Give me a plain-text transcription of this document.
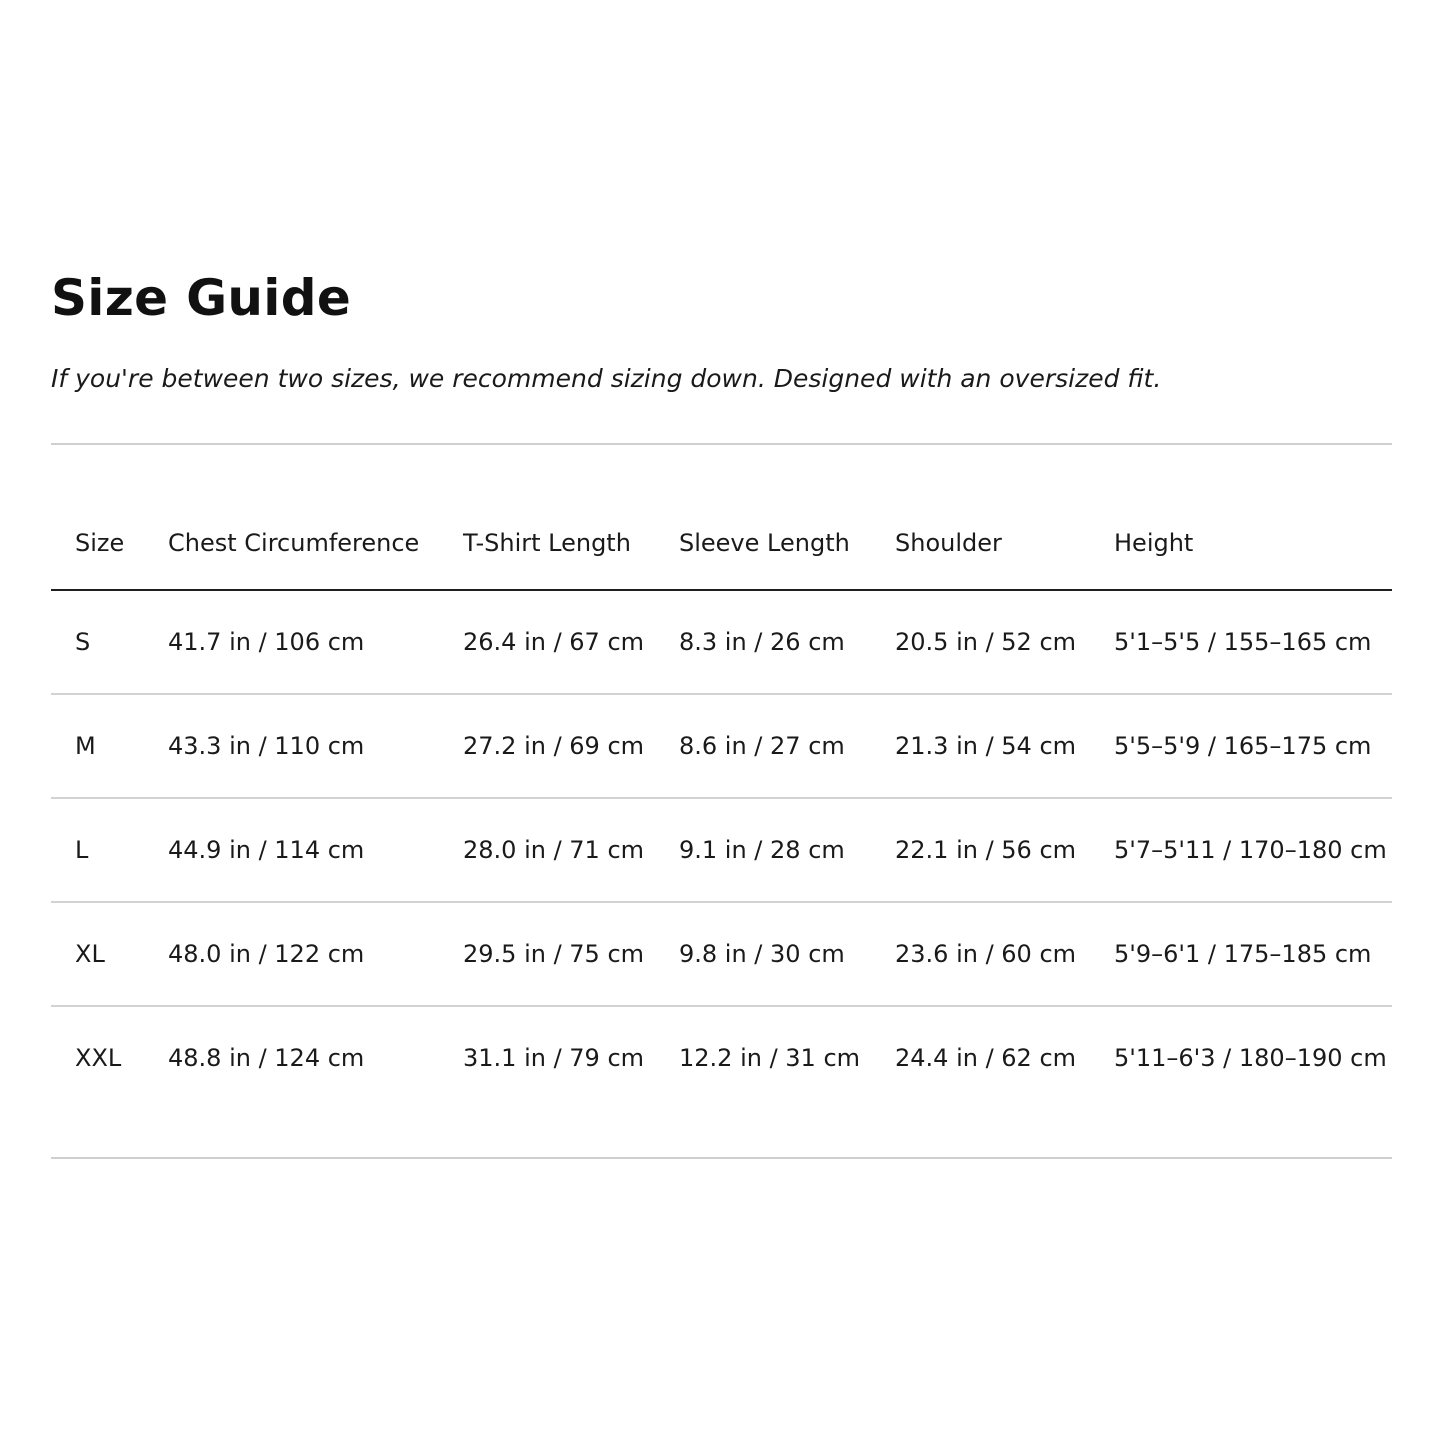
Size Guide

If you're between two sizes, we recommend sizing down. Designed with an oversized fit.

Size	Chest Circumference	T-Shirt Length	Sleeve Length	Shoulder	Height
S	41.7 in / 106 cm	26.4 in / 67 cm	8.3 in / 26 cm	20.5 in / 52 cm	5'1–5'5 / 155–165 cm
M	43.3 in / 110 cm	27.2 in / 69 cm	8.6 in / 27 cm	21.3 in / 54 cm	5'5–5'9 / 165–175 cm
L	44.9 in / 114 cm	28.0 in / 71 cm	9.1 in / 28 cm	22.1 in / 56 cm	5'7–5'11 / 170–180 cm
XL	48.0 in / 122 cm	29.5 in / 75 cm	9.8 in / 30 cm	23.6 in / 60 cm	5'9–6'1 / 175–185 cm
XXL	48.8 in / 124 cm	31.1 in / 79 cm	12.2 in / 31 cm	24.4 in / 62 cm	5'11–6'3 / 180–190 cm
